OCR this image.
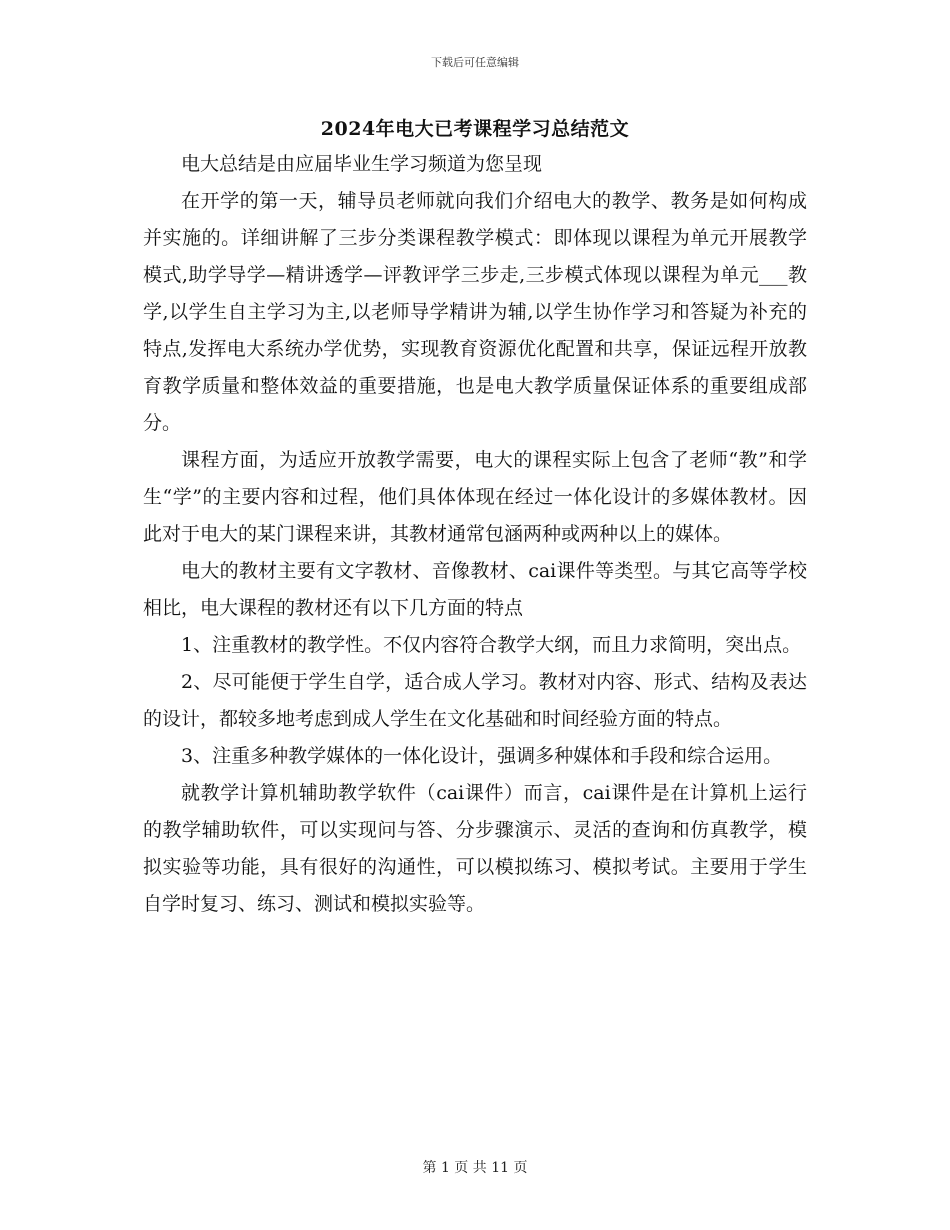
下载后可任意编辑
2024年电大已考课程学习总结范文

电大总结是由应届毕业生学习频道为您呈现

在开学的第一天，辅导员老师就向我们介绍电大的教学、教务是如何构成并实施的。详细讲解了三步分类课程教学模式：即体现以课程为单元开展教学模式,助学导学—精讲透学—评教评学三步走,三步模式体现以课程为单元___教学,以学生自主学习为主,以老师导学精讲为辅,以学生协作学习和答疑为补充的特点,发挥电大系统办学优势，实现教育资源优化配置和共享，保证远程开放教育教学质量和整体效益的重要措施，也是电大教学质量保证体系的重要组成部分。

课程方面，为适应开放教学需要，电大的课程实际上包含了老师“教”和学生“学”的主要内容和过程，他们具体体现在经过一体化设计的多媒体教材。因此对于电大的某门课程来讲，其教材通常包涵两种或两种以上的媒体。

电大的教材主要有文字教材、音像教材、cai课件等类型。与其它高等学校相比，电大课程的教材还有以下几方面的特点

1、注重教材的教学性。不仅内容符合教学大纲，而且力求简明，突出点。

2、尽可能便于学生自学，适合成人学习。教材对内容、形式、结构及表达的设计，都较多地考虑到成人学生在文化基础和时间经验方面的特点。

3、注重多种教学媒体的一体化设计，强调多种媒体和手段和综合运用。

就教学计算机辅助教学软件（cai课件）而言，cai课件是在计算机上运行的教学辅助软件，可以实现问与答、分步骤演示、灵活的查询和仿真教学，模拟实验等功能，具有很好的沟通性，可以模拟练习、模拟考试。主要用于学生自学时复习、练习、测试和模拟实验等。

第 1 页 共 11 页
